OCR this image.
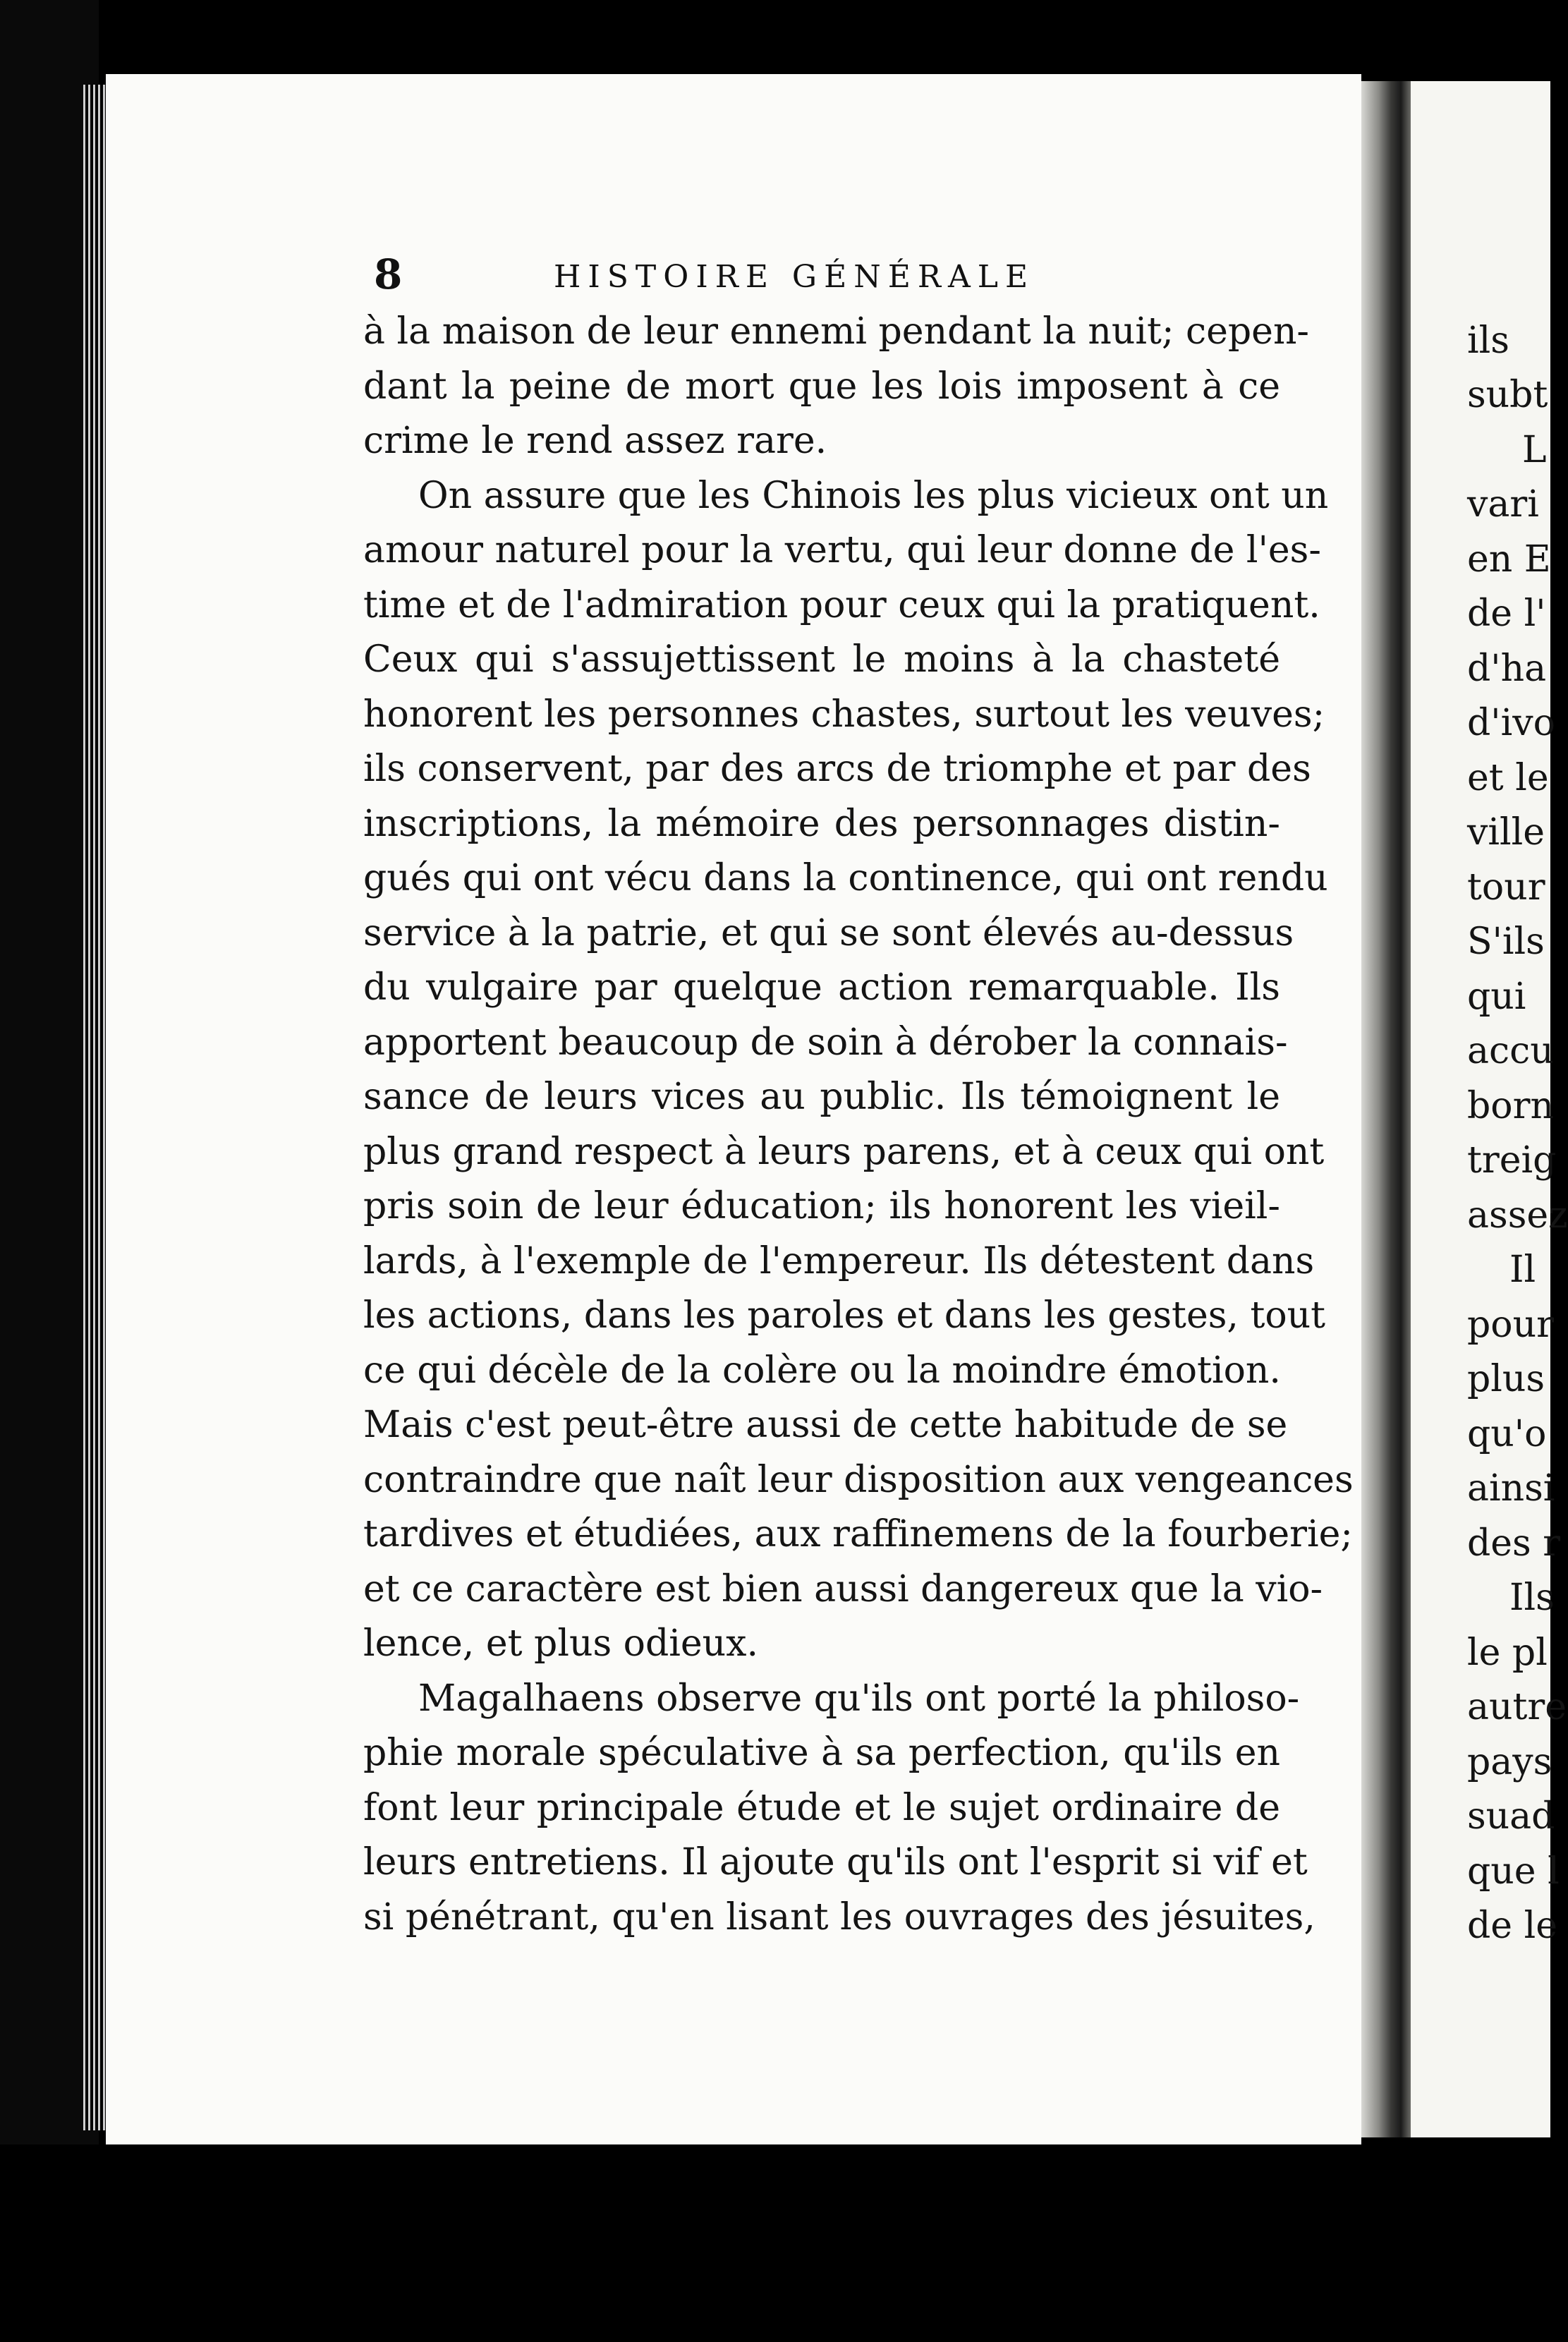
8	HISTOIRE GÉNÉRALE
à la maison de leur ennemi pendant la nuit; cepen-
dant la peine de mort que les lois imposent à ce
crime le rend assez rare.
On assure que les Chinois les plus vicieux ont un
amour naturel pour la vertu, qui leur donne de l'es-
time et de l'admiration pour ceux qui la pratiquent.
Ceux qui s'assujettissent le moins à la chasteté
honorent les personnes chastes, surtout les veuves;
ils conservent, par des arcs de triomphe et par des
inscriptions, la mémoire des personnages distin-
gués qui ont vécu dans la continence, qui ont rendu
service à la patrie, et qui se sont élevés au-dessus
du vulgaire par quelque action remarquable. Ils
apportent beaucoup de soin à dérober la connais-
sance de leurs vices au public. Ils témoignent le
plus grand respect à leurs parens, et à ceux qui ont
pris soin de leur éducation; ils honorent les vieil-
lards, à l'exemple de l'empereur. Ils détestent dans
les actions, dans les paroles et dans les gestes, tout
ce qui décèle de la colère ou la moindre émotion.
Mais c'est peut-être aussi de cette habitude de se
contraindre que naît leur disposition aux vengeances
tardives et étudiées, aux raffinemens de la fourberie;
et ce caractère est bien aussi dangereux que la vio-
lence, et plus odieux.
Magalhaens observe qu'ils ont porté la philoso-
phie morale spéculative à sa perfection, qu'ils en
font leur principale étude et le sujet ordinaire de
leurs entretiens. Il ajoute qu'ils ont l'esprit si vif et
si pénétrant, qu'en lisant les ouvrages des jésuites,
ils
subt
L
vari
en E
de l'
d'ha
d'ivo
et le
ville
tour
S'ils
qui
accu
born
treig
assez
Il
pour
plus
qu'o
ainsi
des r
Ils
le pl
autre
pays
suad
que l
de le
